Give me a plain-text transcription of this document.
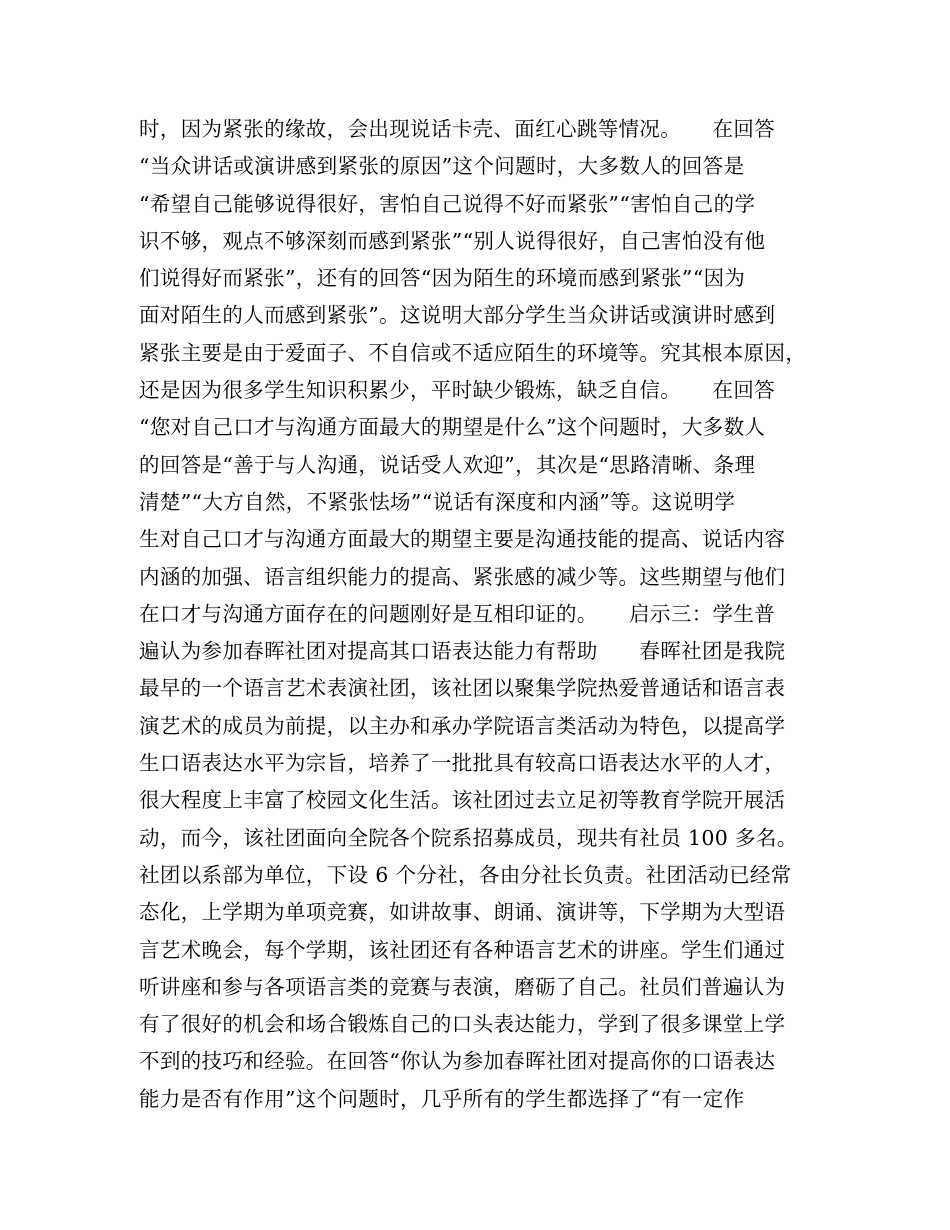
时，因为紧张的缘故，会出现说话卡壳、面红心跳等情况。　　在回答
“当众讲话或演讲感到紧张的原因”这个问题时，大多数人的回答是
“希望自己能够说得很好，害怕自己说得不好而紧张”“害怕自己的学
识不够，观点不够深刻而感到紧张”“别人说得很好，自己害怕没有他
们说得好而紧张”，还有的回答“因为陌生的环境而感到紧张”“因为
面对陌生的人而感到紧张”。这说明大部分学生当众讲话或演讲时感到
紧张主要是由于爱面子、不自信或不适应陌生的环境等。究其根本原因，
还是因为很多学生知识积累少，平时缺少锻炼，缺乏自信。　　在回答
“您对自己口才与沟通方面最大的期望是什么”这个问题时，大多数人
的回答是“善于与人沟通，说话受人欢迎”，其次是“思路清晰、条理
清楚”“大方自然，不紧张怯场”“说话有深度和内涵”等。这说明学
生对自己口才与沟通方面最大的期望主要是沟通技能的提高、说话内容
内涵的加强、语言组织能力的提高、紧张感的减少等。这些期望与他们
在口才与沟通方面存在的问题刚好是互相印证的。　　启示三：学生普
遍认为参加春晖社团对提高其口语表达能力有帮助　　春晖社团是我院
最早的一个语言艺术表演社团，该社团以聚集学院热爱普通话和语言表
演艺术的成员为前提，以主办和承办学院语言类活动为特色，以提高学
生口语表达水平为宗旨，培养了一批批具有较高口语表达水平的人才，
很大程度上丰富了校园文化生活。该社团过去立足初等教育学院开展活
动，而今，该社团面向全院各个院系招募成员，现共有社员 100 多名。
社团以系部为单位，下设 6 个分社，各由分社长负责。社团活动已经常
态化，上学期为单项竞赛，如讲故事、朗诵、演讲等，下学期为大型语
言艺术晚会，每个学期，该社团还有各种语言艺术的讲座。学生们通过
听讲座和参与各项语言类的竞赛与表演，磨砺了自己。社员们普遍认为
有了很好的机会和场合锻炼自己的口头表达能力，学到了很多课堂上学
不到的技巧和经验。在回答“你认为参加春晖社团对提高你的口语表达
能力是否有作用”这个问题时，几乎所有的学生都选择了“有一定作
